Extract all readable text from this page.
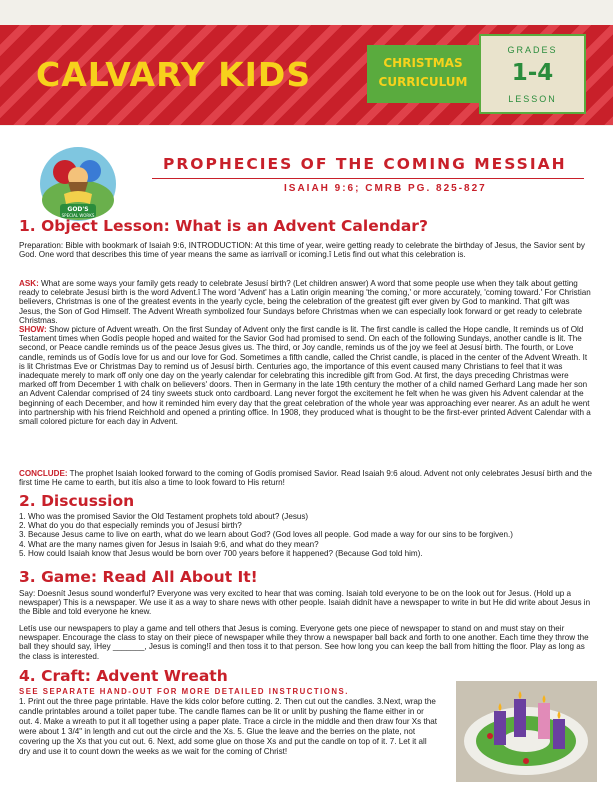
CALVARY KIDS	CHRISTMAS
CURRICULUM
GRADES
1-4
LESSON
GOD'S
SPECIAL WORKS
PROPHECIES OF THE COMING MESSIAH
ISAIAH 9:6; CMRB PG. 825-827
1. Object Lesson: What is an Advent Calendar?
Preparation: Bible with bookmark of Isaiah 9:6, INTRODUCTION: At this time of year, weire getting ready to celebrate the birthday of Jesus, the Savior sent by God. One word that describes this time of year means the same as iarrivalî or icoming.î Letis find out what this celebration is.
ASK: What are some ways your family gets ready to celebrate Jesusí birth? (Let children answer) A word that some people use when they talk about getting ready to celebrate Jesusí birth is the word Advent.î The word 'Advent' has a Latin origin meaning 'the coming,' or more accurately, 'coming toward.' For Christian believers, Christmas is one of the greatest events in the yearly cycle, being the celebration of the greatest gift ever given by God to mankind. That gift was Jesus, the Son of God Himself. The Advent Wreath symbolized four Sundays before Christmas when we can especially look forward or get ready to celebrate Christmas.
SHOW: Show picture of Advent wreath. On the first Sunday of Advent only the first candle is lit. The first candle is called the Hope candle, It reminds us of Old Testament times when Godís people hoped and waited for the Savior God had promised to send. On each of the following Sundays, another candle is lit. The second, or Peace candle reminds us of the peace Jesus gives us. The third, or Joy candle, reminds us of the joy we feel at Jesusí birth. The fourth, or Love candle, reminds us of Godís love for us and our love for God. Sometimes a fifth candle, called the Christ candle, is placed in the center of the Advent Wreath. It is lit Christmas Eve or Christmas Day to remind us of Jesusí birth. Centuries ago, the importance of this event caused many Christians to feel that it was inadequate merely to mark off only one day on the yearly calendar for celebrating this incredible gift from God. At first, the days preceding Christmas were marked off from December 1 with chalk on believers' doors. Then in Germany in the late 19th century the mother of a child named Gerhard Lang made her son an Advent Calendar comprised of 24 tiny sweets stuck onto cardboard. Lang never forgot the excitement he felt when he was given his Advent calendar at the beginning of each December, and how it reminded him every day that the great celebration of the whole year was approaching ever nearer. As an adult he went into partnership with his friend Reichhold and opened a printing office. In 1908, they produced what is thought to be the first-ever printed Advent Calendar with a small colored picture for each day in Advent.
CONCLUDE: The prophet Isaiah looked forward to the coming of Godís promised Savior. Read Isaiah 9:6 aloud. Advent not only celebrates Jesusí birth and the first time He came to earth, but itís also a time to look foward to His return!
2. Discussion
1. Who was the promised Savior the Old Testament prophets told about? (Jesus)
2. What do you do that especially reminds you of Jesusí birth?
3. Because Jesus came to live on earth, what do we learn about God? (God loves all people. God made a way for our sins to be forgiven.)
4. What are the many names given for Jesus in Isaiah 9:6, and what do they mean?
5. How could Isaiah know that Jesus would be born over 700 years before it happened? (Because God told him).
3. Game: Read All About It!
Say: Doesnít Jesus sound wonderful? Everyone was very excited to hear that was coming. Isaiah told everyone to be on the look out for Jesus. (Hold up a newspaper) This is a newspaper. We use it as a way to share news with other people. Isaiah didnít have a newspaper to write in but He did write about Jesus in the Bible and told everyone he knew.
Letís use our newspapers to play a game and tell others that Jesus is coming. Everyone gets one piece of newspaper to stand on and must stay on their newspaper. Encourage the class to stay on their piece of newspaper while they throw a newspaper ball back and forth to one another. Each time they throw the ball they should say, ìHey _______, Jesus is coming!î and then toss it to that person. See how long you can keep the ball from hitting the floor. Play as long as the class is interested.
4. Craft: Advent Wreath
SEE SEPARATE HAND-OUT FOR MORE DETAILED INSTRUCTIONS.
1. Print out the three page printable. Have the kids color before cutting. 2. Then cut out the candles. 3.Next, wrap the candle printables around a toilet paper tube. The candle flames can be lit or unlit by pushing the flame either in or out. 4. Make a wreath to put it all together using a paper plate. Trace a circle in the middle and then draw four Xs that were about 1 3/4" in length and cut out the circle and the Xs. 5. Glue the leave and the berries on the plate, not covering up the Xs that you cut out. 6. Next, add some glue on those Xs and put the candle on top of it. 7. Let it all dry and use it to count down the weeks as we wait for the coming of Christ!
